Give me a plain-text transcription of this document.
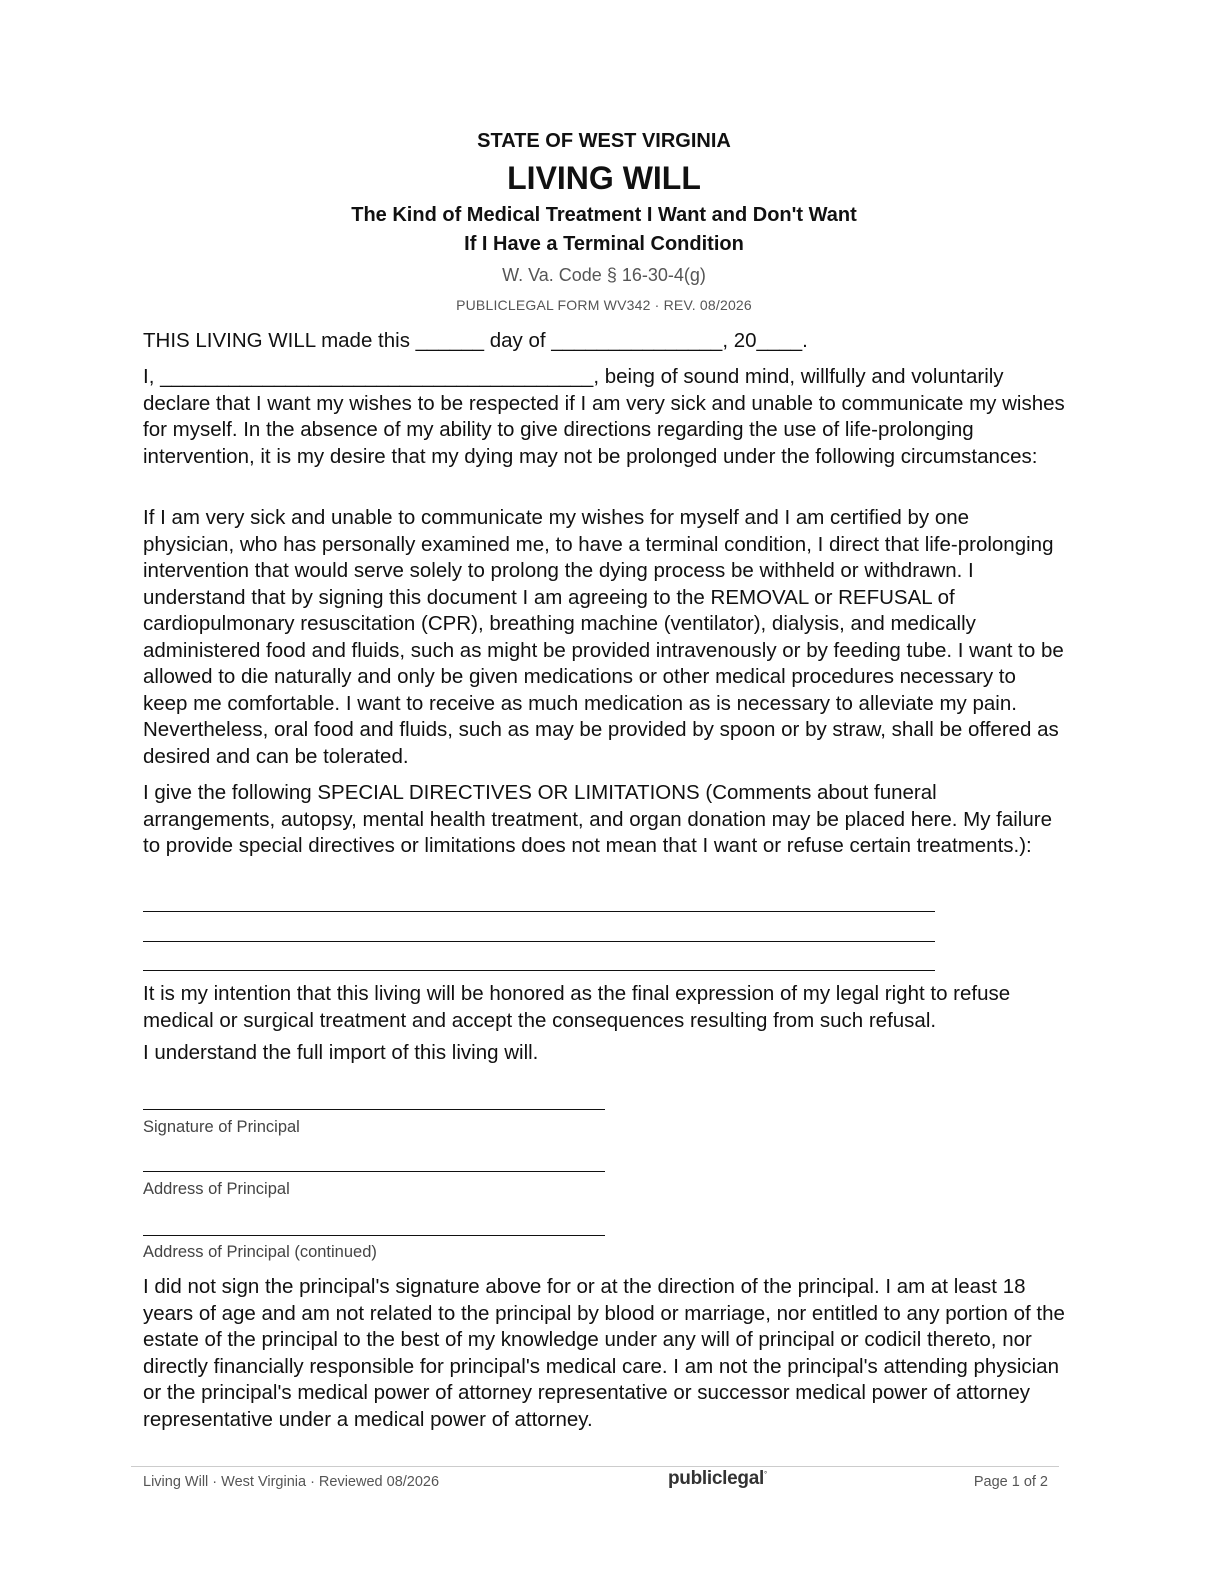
STATE OF WEST VIRGINIA
LIVING WILL
The Kind of Medical Treatment I Want and Don't Want
If I Have a Terminal Condition
W. Va. Code § 16-30-4(g)
PUBLICLEGAL FORM WV342 · REV. 08/2026

THIS LIVING WILL made this ______ day of _______________, 20____.

I, ______________________________________, being of sound mind, willfully and voluntarily declare that I want my wishes to be respected if I am very sick and unable to communicate my wishes for myself. In the absence of my ability to give directions regarding the use of life-prolonging intervention, it is my desire that my dying may not be prolonged under the following circumstances:

If I am very sick and unable to communicate my wishes for myself and I am certified by one physician, who has personally examined me, to have a terminal condition, I direct that life-prolonging intervention that would serve solely to prolong the dying process be withheld or withdrawn. I understand that by signing this document I am agreeing to the REMOVAL or REFUSAL of cardiopulmonary resuscitation (CPR), breathing machine (ventilator), dialysis, and medically administered food and fluids, such as might be provided intravenously or by feeding tube. I want to be allowed to die naturally and only be given medications or other medical procedures necessary to keep me comfortable. I want to receive as much medication as is necessary to alleviate my pain. Nevertheless, oral food and fluids, such as may be provided by spoon or by straw, shall be offered as desired and can be tolerated.

I give the following SPECIAL DIRECTIVES OR LIMITATIONS (Comments about funeral arrangements, autopsy, mental health treatment, and organ donation may be placed here. My failure to provide special directives or limitations does not mean that I want or refuse certain treatments.):

It is my intention that this living will be honored as the final expression of my legal right to refuse medical or surgical treatment and accept the consequences resulting from such refusal.

I understand the full import of this living will.

Signature of Principal
Address of Principal
Address of Principal (continued)

I did not sign the principal's signature above for or at the direction of the principal. I am at least 18 years of age and am not related to the principal by blood or marriage, nor entitled to any portion of the estate of the principal to the best of my knowledge under any will of principal or codicil thereto, nor directly financially responsible for principal's medical care. I am not the principal's attending physician or the principal's medical power of attorney representative or successor medical power of attorney representative under a medical power of attorney.

Living Will · West Virginia · Reviewed 08/2026	publiclegal°	Page 1 of 2
